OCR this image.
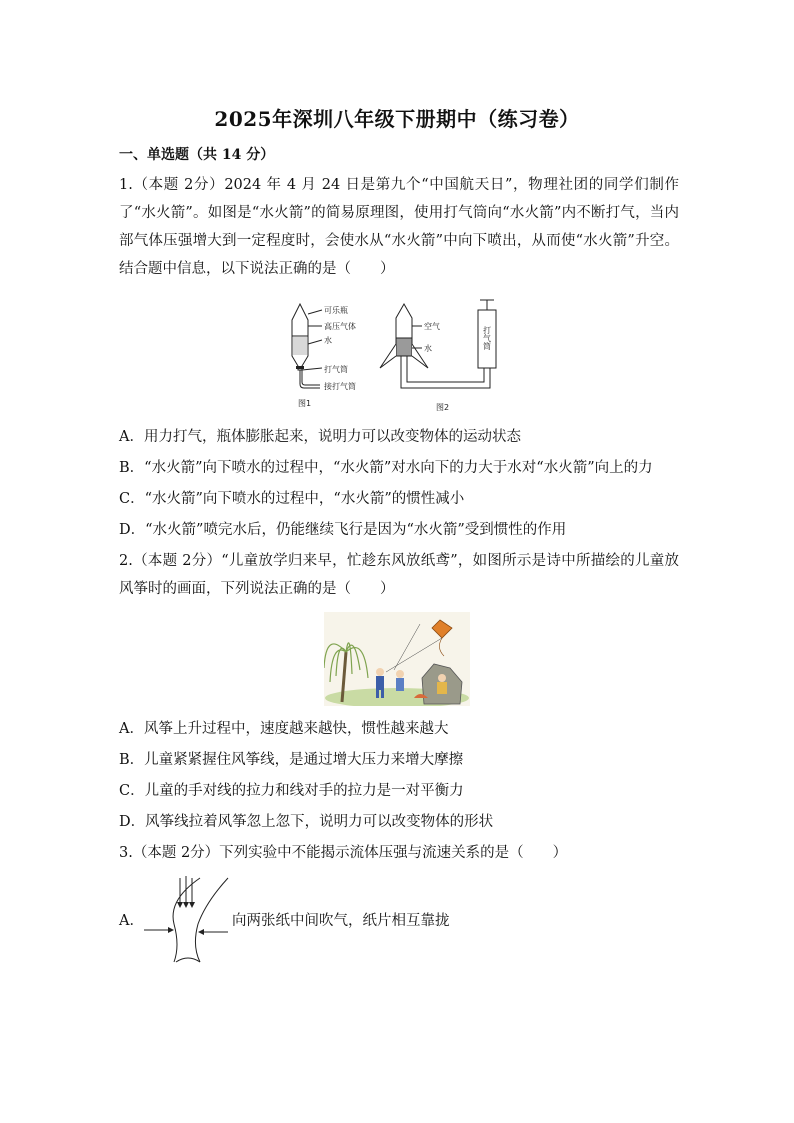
2025年深圳八年级下册期中（练习卷）
一、单选题（共 14 分）
1.（本题 2分）2024 年 4 月 24 日是第九个“中国航天日”，物理社团的同学们制作了“水火箭”。如图是“水火箭”的简易原理图，使用打气筒向“水火箭”内不断打气，当内部气体压强增大到一定程度时，会使水从“水火箭”中向下喷出，从而使“水火箭”升空。结合题中信息，以下说法正确的是（　　）
可乐瓶
高压气体
水
打气筒
接打气筒
图1
空气
水	打气筒
图2
A．用力打气，瓶体膨胀起来，说明力可以改变物体的运动状态
B．“水火箭”向下喷水的过程中，“水火箭”对水向下的力大于水对“水火箭”向上的力
C．“水火箭”向下喷水的过程中，“水火箭”的惯性减小
D．“水火箭”喷完水后，仍能继续飞行是因为“水火箭”受到惯性的作用
2.（本题 2分）“儿童放学归来早，忙趁东风放纸鸢”，如图所示是诗中所描绘的儿童放风筝时的画面，下列说法正确的是（　　）
A．风筝上升过程中，速度越来越快，惯性越来越大
B．儿童紧紧握住风筝线，是通过增大压力来增大摩擦
C．儿童的手对线的拉力和线对手的拉力是一对平衡力
D．风筝线拉着风筝忽上忽下，说明力可以改变物体的形状
3.（本题 2分）下列实验中不能揭示流体压强与流速关系的是（　　）
A．	向两张纸中间吹气，纸片相互靠拢
